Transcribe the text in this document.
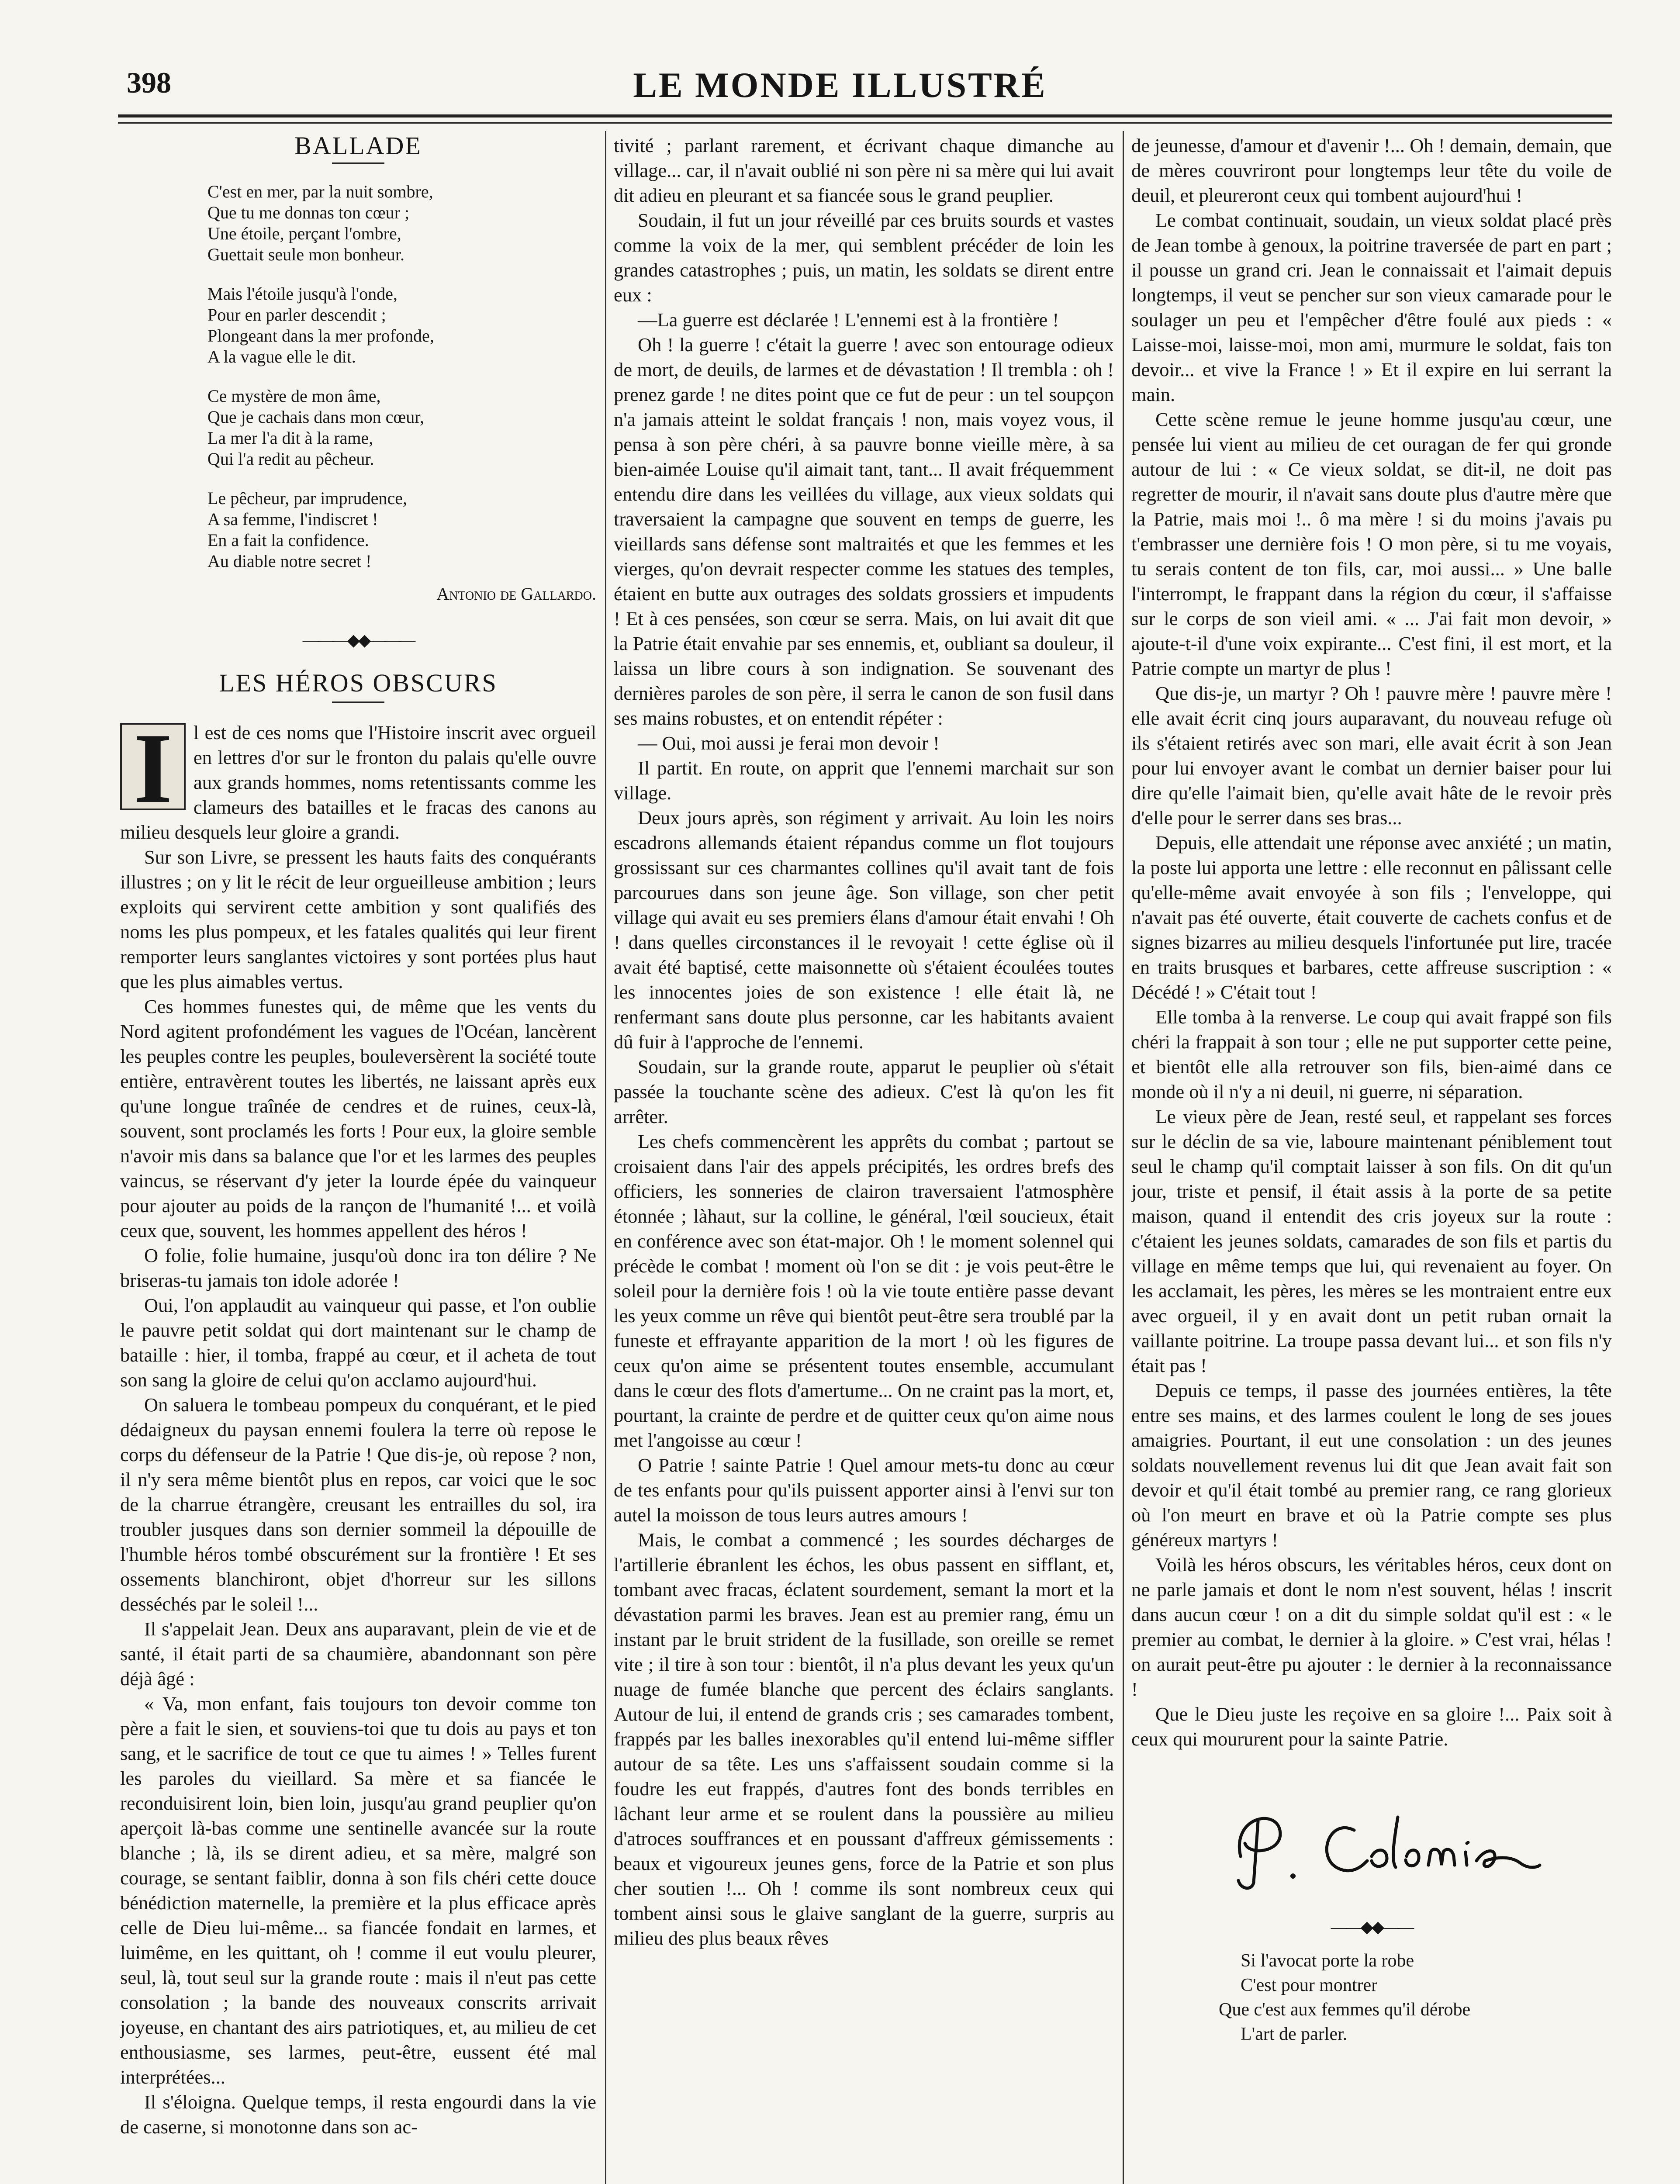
398	LE MONDE ILLUSTRÉ
BALLADE
C'est en mer, par la nuit sombre,
Que tu me donnas ton cœur ;
Une étoile, perçant l'ombre,
Guettait seule mon bonheur.
Mais l'étoile jusqu'à l'onde,
Pour en parler descendit ;
Plongeant dans la mer profonde,
A la vague elle le dit.
Ce mystère de mon âme,
Que je cachais dans mon cœur,
La mer l'a dit à la rame,
Qui l'a redit au pêcheur.
Le pêcheur, par imprudence,
A sa femme, l'indiscret !
En a fait la confidence.
Au diable notre secret !
Antonio de Gallardo.
———◆◆———
LES HÉROS OBSCURS

I	l est de ces noms que l'Histoire inscrit avec orgueil en lettres d'or sur le fronton du palais qu'elle ouvre aux grands hommes, noms retentissants comme les clameurs des batailles et le fracas des canons au milieu desquels leur gloire a grandi.

Sur son Livre, se pressent les hauts faits des conquérants illustres ; on y lit le récit de leur orgueilleuse ambition ; leurs exploits qui servirent cette ambition y sont qualifiés des noms les plus pompeux, et les fatales qualités qui leur firent remporter leurs sanglantes victoires y sont portées plus haut que les plus aimables vertus.

Ces hommes funestes qui, de même que les vents du Nord agitent profondément les vagues de l'Océan, lancèrent les peuples contre les peuples, bouleversèrent la société toute entière, entravèrent toutes les libertés, ne laissant après eux qu'une longue traînée de cendres et de ruines, ceux-là, souvent, sont proclamés les forts ! Pour eux, la gloire semble n'avoir mis dans sa balance que l'or et les larmes des peuples vaincus, se réservant d'y jeter la lourde épée du vainqueur pour ajouter au poids de la rançon de l'humanité !... et voilà ceux que, souvent, les hommes appellent des héros !

O folie, folie humaine, jusqu'où donc ira ton délire ? Ne briseras-tu jamais ton idole adorée !

Oui, l'on applaudit au vainqueur qui passe, et l'on oublie le pauvre petit soldat qui dort maintenant sur le champ de bataille : hier, il tomba, frappé au cœur, et il acheta de tout son sang la gloire de celui qu'on acclamo aujourd'hui.

On saluera le tombeau pompeux du conquérant, et le pied dédaigneux du paysan ennemi foulera la terre où repose le corps du défenseur de la Patrie ! Que dis-je, où repose ? non, il n'y sera même bientôt plus en repos, car voici que le soc de la charrue étrangère, creusant les entrailles du sol, ira troubler jusques dans son dernier sommeil la dépouille de l'humble héros tombé obscurément sur la frontière ! Et ses ossements blanchiront, objet d'horreur sur les sillons desséchés par le soleil !...

Il s'appelait Jean. Deux ans auparavant, plein de vie et de santé, il était parti de sa chaumière, abandonnant son père déjà âgé :

« Va, mon enfant, fais toujours ton devoir comme ton père a fait le sien, et souviens-toi que tu dois au pays et ton sang, et le sacrifice de tout ce que tu aimes ! » Telles furent les paroles du vieillard. Sa mère et sa fiancée le reconduisirent loin, bien loin, jusqu'au grand peuplier qu'on aperçoit là-bas comme une sentinelle avancée sur la route blanche ; là, ils se dirent adieu, et sa mère, malgré son courage, se sentant faiblir, donna à son fils chéri cette douce bénédiction maternelle, la première et la plus efficace après celle de Dieu lui-même... sa fiancée fondait en larmes, et luimême, en les quittant, oh ! comme il eut voulu pleurer, seul, là, tout seul sur la grande route : mais il n'eut pas cette consolation ; la bande des nouveaux conscrits arrivait joyeuse, en chantant des airs patriotiques, et, au milieu de cet enthousiasme, ses larmes, peut-être, eussent été mal interprétées...

Il s'éloigna. Quelque temps, il resta engourdi dans la vie de caserne, si monotonne dans son ac-

tivité ; parlant rarement, et écrivant chaque dimanche au village... car, il n'avait oublié ni son père ni sa mère qui lui avait dit adieu en pleurant et sa fiancée sous le grand peuplier.

Soudain, il fut un jour réveillé par ces bruits sourds et vastes comme la voix de la mer, qui semblent précéder de loin les grandes catastrophes ; puis, un matin, les soldats se dirent entre eux :

—La guerre est déclarée ! L'ennemi est à la frontière !

Oh ! la guerre ! c'était la guerre ! avec son entourage odieux de mort, de deuils, de larmes et de dévastation ! Il trembla : oh ! prenez garde ! ne dites point que ce fut de peur : un tel soupçon n'a jamais atteint le soldat français ! non, mais voyez vous, il pensa à son père chéri, à sa pauvre bonne vieille mère, à sa bien-aimée Louise qu'il aimait tant, tant... Il avait fréquemment entendu dire dans les veillées du village, aux vieux soldats qui traversaient la campagne que souvent en temps de guerre, les vieillards sans défense sont maltraités et que les femmes et les vierges, qu'on devrait respecter comme les statues des temples, étaient en butte aux outrages des soldats grossiers et impudents ! Et à ces pensées, son cœur se serra. Mais, on lui avait dit que la Patrie était envahie par ses ennemis, et, oubliant sa douleur, il laissa un libre cours à son indignation. Se souvenant des dernières paroles de son père, il serra le canon de son fusil dans ses mains robustes, et on entendit répéter :

— Oui, moi aussi je ferai mon devoir !

Il partit. En route, on apprit que l'ennemi marchait sur son village.

Deux jours après, son régiment y arrivait. Au loin les noirs escadrons allemands étaient répandus comme un flot toujours grossissant sur ces charmantes collines qu'il avait tant de fois parcourues dans son jeune âge. Son village, son cher petit village qui avait eu ses premiers élans d'amour était envahi ! Oh ! dans quelles circonstances il le revoyait ! cette église où il avait été baptisé, cette maisonnette où s'étaient écoulées toutes les innocentes joies de son existence ! elle était là, ne renfermant sans doute plus personne, car les habitants avaient dû fuir à l'approche de l'ennemi.

Soudain, sur la grande route, apparut le peuplier où s'était passée la touchante scène des adieux. C'est là qu'on les fit arrêter.

Les chefs commencèrent les apprêts du combat ; partout se croisaient dans l'air des appels précipités, les ordres brefs des officiers, les sonneries de clairon traversaient l'atmosphère étonnée ; làhaut, sur la colline, le général, l'œil soucieux, était en conférence avec son état-major. Oh ! le moment solennel qui précède le combat ! moment où l'on se dit : je vois peut-être le soleil pour la dernière fois ! où la vie toute entière passe devant les yeux comme un rêve qui bientôt peut-être sera troublé par la funeste et effrayante apparition de la mort ! où les figures de ceux qu'on aime se présentent toutes ensemble, accumulant dans le cœur des flots d'amertume... On ne craint pas la mort, et, pourtant, la crainte de perdre et de quitter ceux qu'on aime nous met l'angoisse au cœur !

O Patrie ! sainte Patrie ! Quel amour mets-tu donc au cœur de tes enfants pour qu'ils puissent apporter ainsi à l'envi sur ton autel la moisson de tous leurs autres amours !

Mais, le combat a commencé ; les sourdes décharges de l'artillerie ébranlent les échos, les obus passent en sifflant, et, tombant avec fracas, éclatent sourdement, semant la mort et la dévastation parmi les braves. Jean est au premier rang, ému un instant par le bruit strident de la fusillade, son oreille se remet vite ; il tire à son tour : bientôt, il n'a plus devant les yeux qu'un nuage de fumée blanche que percent des éclairs sanglants. Autour de lui, il entend de grands cris ; ses camarades tombent, frappés par les balles inexorables qu'il entend lui-même siffler autour de sa tête. Les uns s'affaissent soudain comme si la foudre les eut frappés, d'autres font des bonds terribles en lâchant leur arme et se roulent dans la poussière au milieu d'atroces souffrances et en poussant d'affreux gémissements : beaux et vigoureux jeunes gens, force de la Patrie et son plus cher soutien !... Oh ! comme ils sont nombreux ceux qui tombent ainsi sous le glaive sanglant de la guerre, surpris au milieu des plus beaux rêves

de jeunesse, d'amour et d'avenir !... Oh ! demain, demain, que de mères couvriront pour longtemps leur tête du voile de deuil, et pleureront ceux qui tombent aujourd'hui !

Le combat continuait, soudain, un vieux soldat placé près de Jean tombe à genoux, la poitrine traversée de part en part ; il pousse un grand cri. Jean le connaissait et l'aimait depuis longtemps, il veut se pencher sur son vieux camarade pour le soulager un peu et l'empêcher d'être foulé aux pieds : « Laisse-moi, laisse-moi, mon ami, murmure le soldat, fais ton devoir... et vive la France ! » Et il expire en lui serrant la main.

Cette scène remue le jeune homme jusqu'au cœur, une pensée lui vient au milieu de cet ouragan de fer qui gronde autour de lui : « Ce vieux soldat, se dit-il, ne doit pas regretter de mourir, il n'avait sans doute plus d'autre mère que la Patrie, mais moi !.. ô ma mère ! si du moins j'avais pu t'embrasser une dernière fois ! O mon père, si tu me voyais, tu serais content de ton fils, car, moi aussi... » Une balle l'interrompt, le frappant dans la région du cœur, il s'affaisse sur le corps de son vieil ami. « ... J'ai fait mon devoir, » ajoute-t-il d'une voix expirante... C'est fini, il est mort, et la Patrie compte un martyr de plus !

Que dis-je, un martyr ? Oh ! pauvre mère ! pauvre mère ! elle avait écrit cinq jours auparavant, du nouveau refuge où ils s'étaient retirés avec son mari, elle avait écrit à son Jean pour lui envoyer avant le combat un dernier baiser pour lui dire qu'elle l'aimait bien, qu'elle avait hâte de le revoir près d'elle pour le serrer dans ses bras...

Depuis, elle attendait une réponse avec anxiété ; un matin, la poste lui apporta une lettre : elle reconnut en pâlissant celle qu'elle-même avait envoyée à son fils ; l'enveloppe, qui n'avait pas été ouverte, était couverte de cachets confus et de signes bizarres au milieu desquels l'infortunée put lire, tracée en traits brusques et barbares, cette affreuse suscription : « Décédé ! » C'était tout !

Elle tomba à la renverse. Le coup qui avait frappé son fils chéri la frappait à son tour ; elle ne put supporter cette peine, et bientôt elle alla retrouver son fils, bien-aimé dans ce monde où il n'y a ni deuil, ni guerre, ni séparation.

Le vieux père de Jean, resté seul, et rappelant ses forces sur le déclin de sa vie, laboure maintenant péniblement tout seul le champ qu'il comptait laisser à son fils. On dit qu'un jour, triste et pensif, il était assis à la porte de sa petite maison, quand il entendit des cris joyeux sur la route : c'étaient les jeunes soldats, camarades de son fils et partis du village en même temps que lui, qui revenaient au foyer. On les acclamait, les pères, les mères se les montraient entre eux avec orgueil, il y en avait dont un petit ruban ornait la vaillante poitrine. La troupe passa devant lui... et son fils n'y était pas !

Depuis ce temps, il passe des journées entières, la tête entre ses mains, et des larmes coulent le long de ses joues amaigries. Pourtant, il eut une consolation : un des jeunes soldats nouvellement revenus lui dit que Jean avait fait son devoir et qu'il était tombé au premier rang, ce rang glorieux où l'on meurt en brave et où la Patrie compte ses plus généreux martyrs !

Voilà les héros obscurs, les véritables héros, ceux dont on ne parle jamais et dont le nom n'est souvent, hélas ! inscrit dans aucun cœur ! on a dit du simple soldat qu'il est : « le premier au combat, le dernier à la gloire. » C'est vrai, hélas ! on aurait peut-être pu ajouter : le dernier à la reconnaissance !

Que le Dieu juste les reçoive en sa gloire !... Paix soit à ceux qui moururent pour la sainte Patrie.

——◆◆——
Si l'avocat porte la robe
C'est pour montrer
Que c'est aux femmes qu'il dérobe
L'art de parler.
